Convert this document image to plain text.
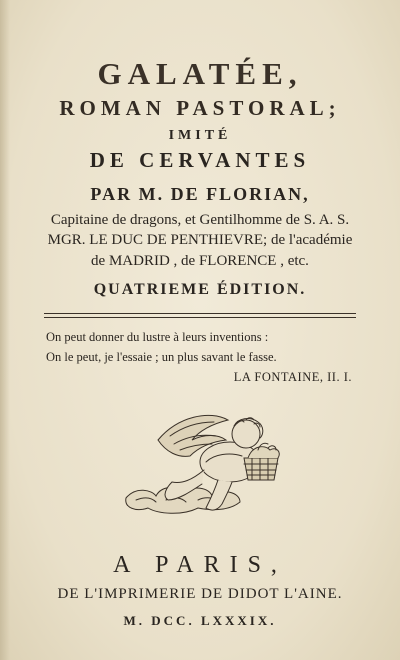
GALATÉE,
ROMAN PASTORAL;
IMITÉ
DE CERVANTES
PAR M. DE FLORIAN,
Capitaine de dragons, et Gentilhomme de S. A. S.
MGR. LE DUC DE PENTHIEVRE; de l'académie
de MADRID , de FLORENCE , etc.
QUATRIEME ÉDITION.
On peut donner du lustre à leurs inventions :
On le peut, je l'essaie ; un plus savant le fasse.
LA FONTAINE, II. I.
A PARIS,
DE L'IMPRIMERIE DE DIDOT L'AINE.
M. DCC. LXXXIX.
